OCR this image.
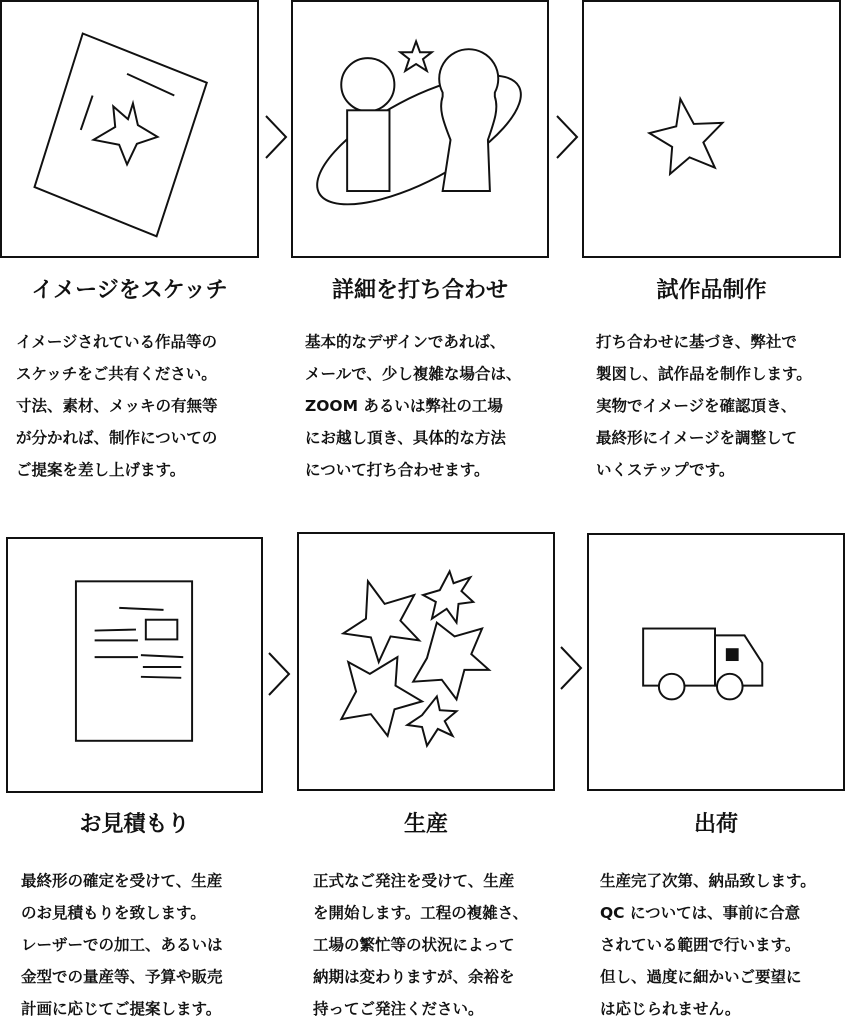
イメージをスケッチ	詳細を打ち合わせ	試作品制作
イメージされている作品等の
スケッチをご共有ください。
寸法、素材、メッキの有無等
が分かれば、制作についての
ご提案を差し上げます。
基本的なデザインであれば、
メールで、少し複雑な場合は、
ZOOM あるいは弊社の工場
にお越し頂き、具体的な方法
について打ち合わせます。
打ち合わせに基づき、弊社で
製図し、試作品を制作します。
実物でイメージを確認頂き、
最終形にイメージを調整して
いくステップです。
お見積もり	生産	出荷
最終形の確定を受けて、生産
のお見積もりを致します。
レーザーでの加工、あるいは
金型での量産等、予算や販売
計画に応じてご提案します。
正式なご発注を受けて、生産
を開始します。工程の複雑さ、
工場の繁忙等の状況によって
納期は変わりますが、余裕を
持ってご発注ください。
生産完了次第、納品致します。
QC については、事前に合意
されている範囲で行います。
但し、過度に細かいご要望に
は応じられません。
